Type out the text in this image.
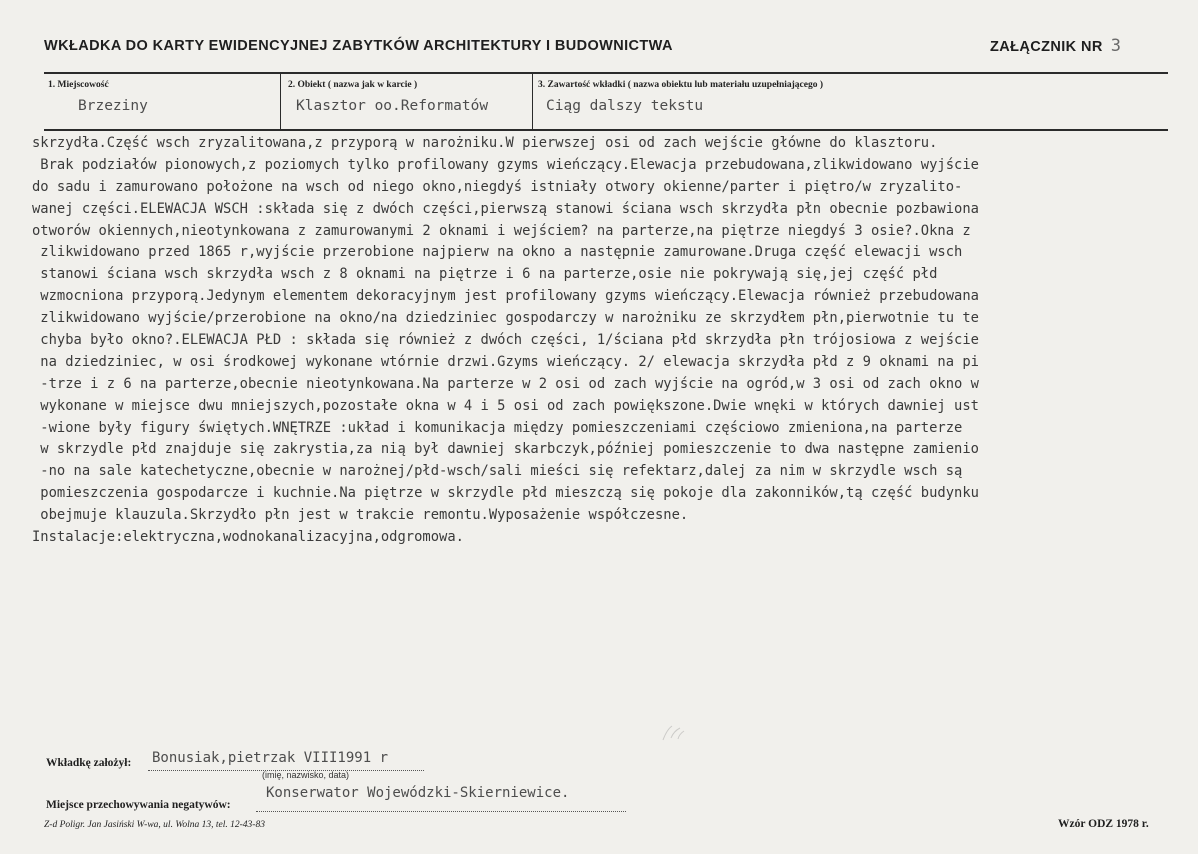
WKŁADKA DO KARTY EWIDENCYJNEJ ZABYTKÓW ARCHITEKTURY I BUDOWNICTWA	ZAŁĄCZNIK NR 3
1. Miejscowość
Brzeziny
2. Obiekt ( nazwa jak w karcie )
Klasztor oo.Reformatów
3. Zawartość wkładki ( nazwa obiektu lub materiału uzupełniającego )
Ciąg dalszy tekstu
skrzydła.Część wsch zryzalitowana,z przyporą w narożniku.W pierwszej osi od zach wejście główne do klasztoru.
Brak podziałów pionowych,z poziomych tylko profilowany gzyms wieńczący.Elewacja przebudowana,zlikwidowano wyjście
do sadu i zamurowano położone na wsch od niego okno,niegdyś istniały otwory okienne/parter i piętro/w zryzalito-
wanej części.ELEWACJA WSCH :składa się z dwóch części,pierwszą stanowi ściana wsch skrzydła płn obecnie pozbawiona
otworów okiennych,nieotynkowana z zamurowanymi 2 oknami i wejściem? na parterze,na piętrze niegdyś 3 osie?.Okna z
zlikwidowano przed 1865 r,wyjście przerobione najpierw na okno a następnie zamurowane.Druga część elewacji wsch
stanowi ściana wsch skrzydła wsch z 8 oknami na piętrze i 6 na parterze,osie nie pokrywają się,jej część płd
wzmocniona przyporą.Jedynym elementem dekoracyjnym jest profilowany gzyms wieńczący.Elewacja również przebudowana
zlikwidowano wyjście/przerobione na okno/na dziedziniec gospodarczy w narożniku ze skrzydłem płn,pierwotnie tu te
chyba było okno?.ELEWACJA PŁD : składa się również z dwóch części, 1/ściana płd skrzydła płn trójosiowa z wejście
na dziedziniec, w osi środkowej wykonane wtórnie drzwi.Gzyms wieńczący. 2/ elewacja skrzydła płd z 9 oknami na pi
-trze i z 6 na parterze,obecnie nieotynkowana.Na parterze w 2 osi od zach wyjście na ogród,w 3 osi od zach okno w
wykonane w miejsce dwu mniejszych,pozostałe okna w 4 i 5 osi od zach powiększone.Dwie wnęki w których dawniej ust
-wione były figury świętych.WNĘTRZE :układ i komunikacja między pomieszczeniami częściowo zmieniona,na parterze
w skrzydle płd znajduje się zakrystia,za nią był dawniej skarbczyk,później pomieszczenie to dwa następne zamienio
-no na sale katechetyczne,obecnie w narożnej/płd-wsch/sali mieści się refektarz,dalej za nim w skrzydle wsch są
pomieszczenia gospodarcze i kuchnie.Na piętrze w skrzydle płd mieszczą się pokoje dla zakonników,tą część budynku
obejmuje klauzula.Skrzydło płn jest w trakcie remontu.Wyposażenie współczesne.
Instalacje:elektryczna,wodnokanalizacyjna,odgromowa.
Wkładkę założył: Bonusiak,pietrzak VIII1991 r
(imię, nazwisko, data)
Miejsce przechowywania negatywów:
Konserwator Wojewódzki-Skierniewice.
Z-d Poligr. Jan Jasiński W-wa, ul. Wolna 13, tel. 12-43-83	Wzór ODZ 1978 r.
